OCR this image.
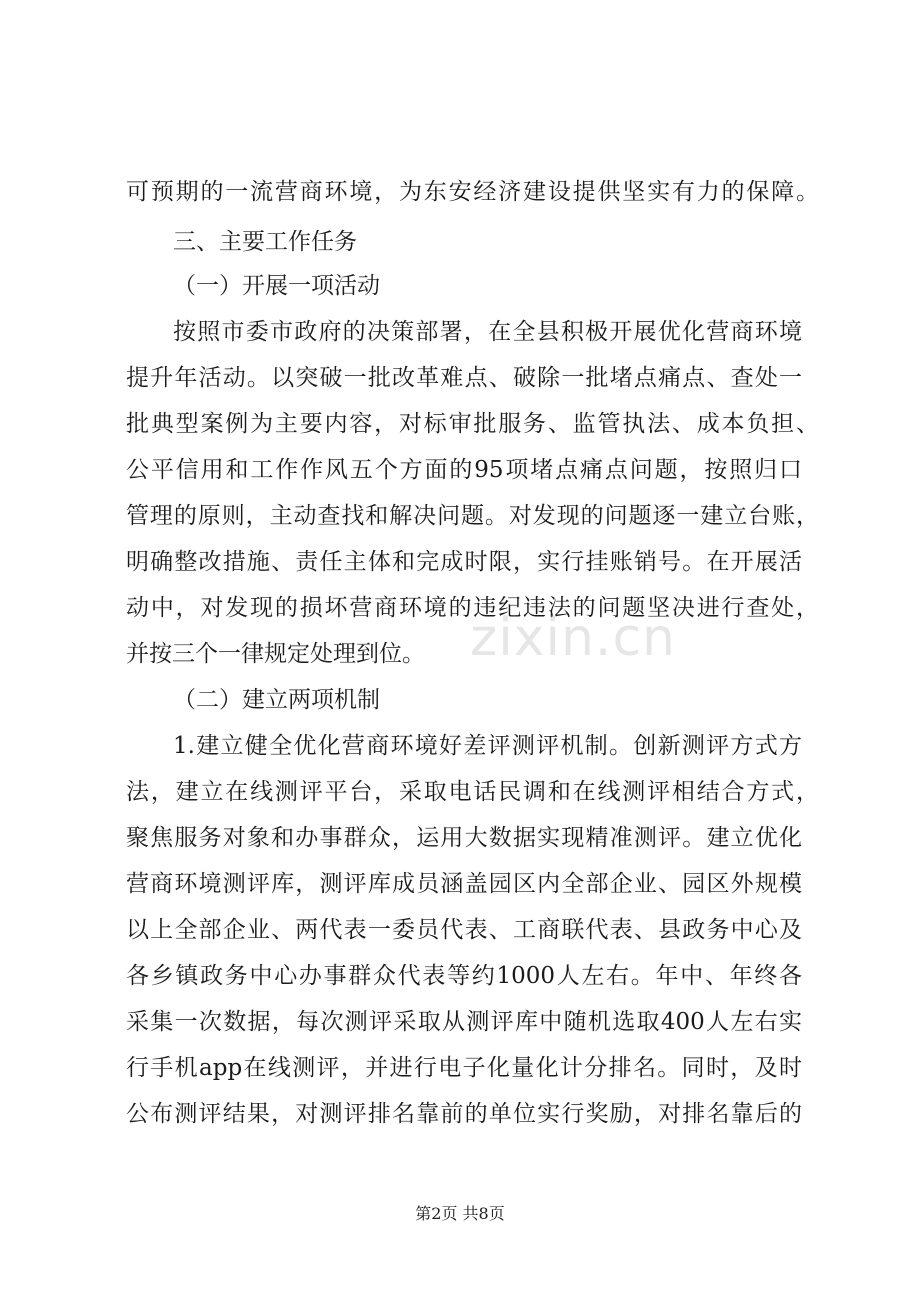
可预期的一流营商环境，为东安经济建设提供坚实有力的保障。
三、主要工作任务
（一）开展一项活动
按照市委市政府的决策部署，在全县积极开展优化营商环境
提升年活动。以突破一批改革难点、破除一批堵点痛点、查处一
批典型案例为主要内容，对标审批服务、监管执法、成本负担、
公平信用和工作作风五个方面的95项堵点痛点问题，按照归口
管理的原则，主动查找和解决问题。对发现的问题逐一建立台账，
明确整改措施、责任主体和完成时限，实行挂账销号。在开展活
动中，对发现的损坏营商环境的违纪违法的问题坚决进行查处，
并按三个一律规定处理到位。
（二）建立两项机制
1.建立健全优化营商环境好差评测评机制。创新测评方式方
法，建立在线测评平台，采取电话民调和在线测评相结合方式，
聚焦服务对象和办事群众，运用大数据实现精准测评。建立优化
营商环境测评库，测评库成员涵盖园区内全部企业、园区外规模
以上全部企业、两代表一委员代表、工商联代表、县政务中心及
各乡镇政务中心办事群众代表等约1000人左右。年中、年终各
采集一次数据，每次测评采取从测评库中随机选取400人左右实
行手机app在线测评，并进行电子化量化计分排名。同时，及时
公布测评结果，对测评排名靠前的单位实行奖励，对排名靠后的
zixin.cn
第2页 共8页
